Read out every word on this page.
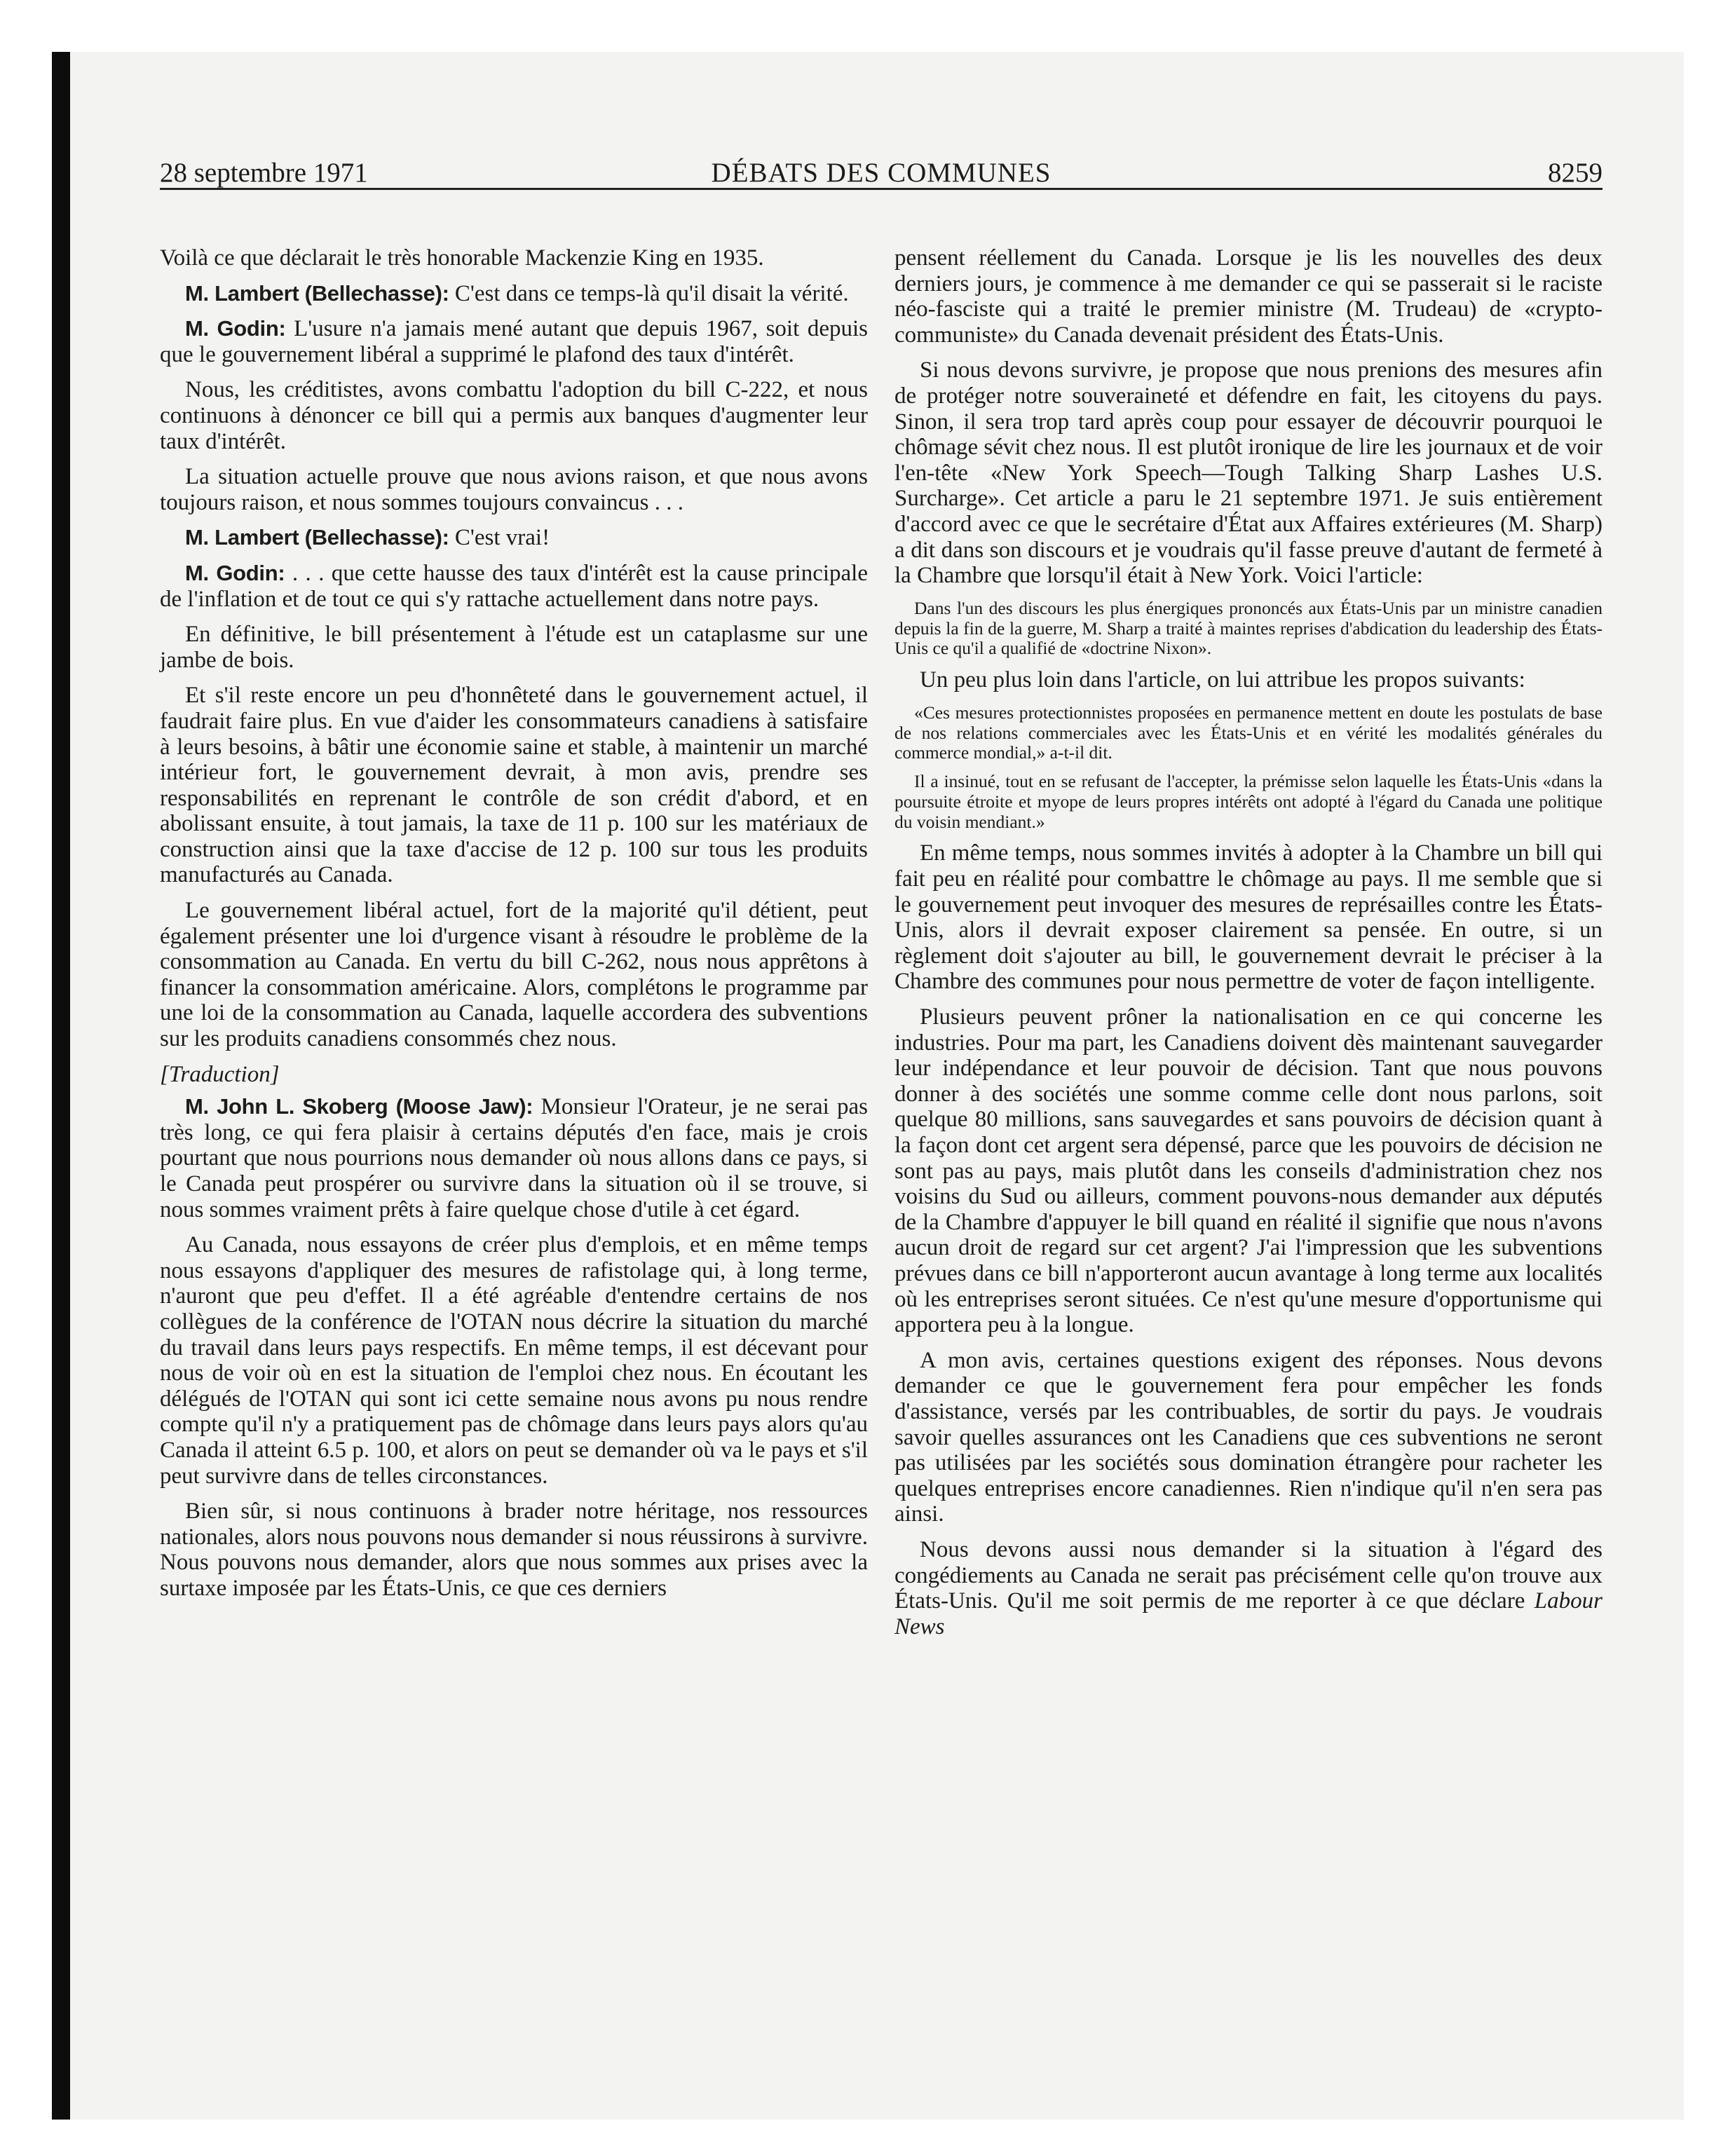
28 septembre 1971	DÉBATS DES COMMUNES	8259

Voilà ce que déclarait le très honorable Mackenzie King en 1935.

M. Lambert (Bellechasse): C'est dans ce temps-là qu'il disait la vérité.

M. Godin: L'usure n'a jamais mené autant que depuis 1967, soit depuis que le gouvernement libéral a supprimé le plafond des taux d'intérêt.

Nous, les créditistes, avons combattu l'adoption du bill C-222, et nous continuons à dénoncer ce bill qui a permis aux banques d'augmenter leur taux d'intérêt.

La situation actuelle prouve que nous avions raison, et que nous avons toujours raison, et nous sommes toujours convaincus . . .

M. Lambert (Bellechasse): C'est vrai!

M. Godin: . . . que cette hausse des taux d'intérêt est la cause principale de l'inflation et de tout ce qui s'y rattache actuellement dans notre pays.

En définitive, le bill présentement à l'étude est un cataplasme sur une jambe de bois.

Et s'il reste encore un peu d'honnêteté dans le gouvernement actuel, il faudrait faire plus. En vue d'aider les consommateurs canadiens à satisfaire à leurs besoins, à bâtir une économie saine et stable, à maintenir un marché intérieur fort, le gouvernement devrait, à mon avis, prendre ses responsabilités en reprenant le contrôle de son crédit d'abord, et en abolissant ensuite, à tout jamais, la taxe de 11 p. 100 sur les matériaux de construction ainsi que la taxe d'accise de 12 p. 100 sur tous les produits manufacturés au Canada.

Le gouvernement libéral actuel, fort de la majorité qu'il détient, peut également présenter une loi d'urgence visant à résoudre le problème de la consommation au Canada. En vertu du bill C-262, nous nous apprêtons à financer la consommation américaine. Alors, complétons le programme par une loi de la consommation au Canada, laquelle accordera des subventions sur les produits canadiens consommés chez nous.

[Traduction]

M. John L. Skoberg (Moose Jaw): Monsieur l'Orateur, je ne serai pas très long, ce qui fera plaisir à certains députés d'en face, mais je crois pourtant que nous pourrions nous demander où nous allons dans ce pays, si le Canada peut prospérer ou survivre dans la situation où il se trouve, si nous sommes vraiment prêts à faire quelque chose d'utile à cet égard.

Au Canada, nous essayons de créer plus d'emplois, et en même temps nous essayons d'appliquer des mesures de rafistolage qui, à long terme, n'auront que peu d'effet. Il a été agréable d'entendre certains de nos collègues de la conférence de l'OTAN nous décrire la situation du marché du travail dans leurs pays respectifs. En même temps, il est décevant pour nous de voir où en est la situation de l'emploi chez nous. En écoutant les délégués de l'OTAN qui sont ici cette semaine nous avons pu nous rendre compte qu'il n'y a pratiquement pas de chômage dans leurs pays alors qu'au Canada il atteint 6.5 p. 100, et alors on peut se demander où va le pays et s'il peut survivre dans de telles circonstances.

Bien sûr, si nous continuons à brader notre héritage, nos ressources nationales, alors nous pouvons nous demander si nous réussirons à survivre. Nous pouvons nous demander, alors que nous sommes aux prises avec la surtaxe imposée par les États-Unis, ce que ces derniers

pensent réellement du Canada. Lorsque je lis les nouvelles des deux derniers jours, je commence à me demander ce qui se passerait si le raciste néo-fasciste qui a traité le premier ministre (M. Trudeau) de «crypto-communiste» du Canada devenait président des États-Unis.

Si nous devons survivre, je propose que nous prenions des mesures afin de protéger notre souveraineté et défendre en fait, les citoyens du pays. Sinon, il sera trop tard après coup pour essayer de découvrir pourquoi le chômage sévit chez nous. Il est plutôt ironique de lire les journaux et de voir l'en-tête «New York Speech—Tough Talking Sharp Lashes U.S. Surcharge». Cet article a paru le 21 septembre 1971. Je suis entièrement d'accord avec ce que le secrétaire d'État aux Affaires extérieures (M. Sharp) a dit dans son discours et je voudrais qu'il fasse preuve d'autant de fermeté à la Chambre que lorsqu'il était à New York. Voici l'article:

Dans l'un des discours les plus énergiques prononcés aux États-Unis par un ministre canadien depuis la fin de la guerre, M. Sharp a traité à maintes reprises d'abdication du leadership des États-Unis ce qu'il a qualifié de «doctrine Nixon».

Un peu plus loin dans l'article, on lui attribue les propos suivants:

«Ces mesures protectionnistes proposées en permanence mettent en doute les postulats de base de nos relations commerciales avec les États-Unis et en vérité les modalités générales du commerce mondial,» a-t-il dit.

Il a insinué, tout en se refusant de l'accepter, la prémisse selon laquelle les États-Unis «dans la poursuite étroite et myope de leurs propres intérêts ont adopté à l'égard du Canada une politique du voisin mendiant.»

En même temps, nous sommes invités à adopter à la Chambre un bill qui fait peu en réalité pour combattre le chômage au pays. Il me semble que si le gouvernement peut invoquer des mesures de représailles contre les États-Unis, alors il devrait exposer clairement sa pensée. En outre, si un règlement doit s'ajouter au bill, le gouvernement devrait le préciser à la Chambre des communes pour nous permettre de voter de façon intelligente.

Plusieurs peuvent prôner la nationalisation en ce qui concerne les industries. Pour ma part, les Canadiens doivent dès maintenant sauvegarder leur indépendance et leur pouvoir de décision. Tant que nous pouvons donner à des sociétés une somme comme celle dont nous parlons, soit quelque 80 millions, sans sauvegardes et sans pouvoirs de décision quant à la façon dont cet argent sera dépensé, parce que les pouvoirs de décision ne sont pas au pays, mais plutôt dans les conseils d'administration chez nos voisins du Sud ou ailleurs, comment pouvons-nous demander aux députés de la Chambre d'appuyer le bill quand en réalité il signifie que nous n'avons aucun droit de regard sur cet argent? J'ai l'impression que les subventions prévues dans ce bill n'apporteront aucun avantage à long terme aux localités où les entreprises seront situées. Ce n'est qu'une mesure d'opportunisme qui apportera peu à la longue.

A mon avis, certaines questions exigent des réponses. Nous devons demander ce que le gouvernement fera pour empêcher les fonds d'assistance, versés par les contribuables, de sortir du pays. Je voudrais savoir quelles assurances ont les Canadiens que ces subventions ne seront pas utilisées par les sociétés sous domination étrangère pour racheter les quelques entreprises encore canadiennes. Rien n'indique qu'il n'en sera pas ainsi.

Nous devons aussi nous demander si la situation à l'égard des congédiements au Canada ne serait pas précisément celle qu'on trouve aux États-Unis. Qu'il me soit permis de me reporter à ce que déclare Labour News
